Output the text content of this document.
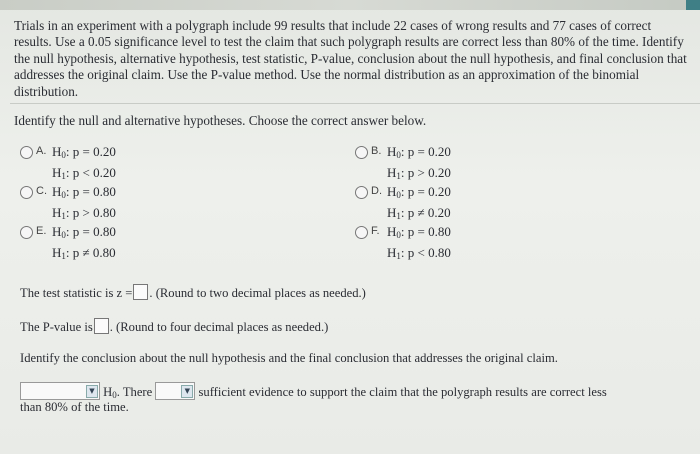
Trials in an experiment with a polygraph include 99 results that include 22 cases of wrong results and 77 cases of correct results. Use a 0.05 significance level to test the claim that such polygraph results are correct less than 80% of the time. Identify the null hypothesis, alternative hypothesis, test statistic, P-value, conclusion about the null hypothesis, and final conclusion that addresses the original claim. Use the P-value method. Use the normal distribution as an approximation of the binomial distribution.
Identify the null and alternative hypotheses. Choose the correct answer below.
A. $H_0$: p = 0.20
$H_1$: p < 0.20
B. $H_0$: p = 0.20
$H_1$: p > 0.20
C. $H_0$: p = 0.80
$H_1$: p > 0.80
D. $H_0$: p = 0.20
$H_1$: p ≠ 0.20
E. $H_0$: p = 0.80
$H_1$: p ≠ 0.80
F. $H_0$: p = 0.80
$H_1$: p < 0.80
The test statistic is z = . (Round to two decimal places as needed.)
The P-value is . (Round to four decimal places as needed.)
Identify the conclusion about the null hypothesis and the final conclusion that addresses the original claim.
▼ $H_0$. There	▼ sufficient evidence to support the claim that the polygraph results are correct less
than 80% of the time.
